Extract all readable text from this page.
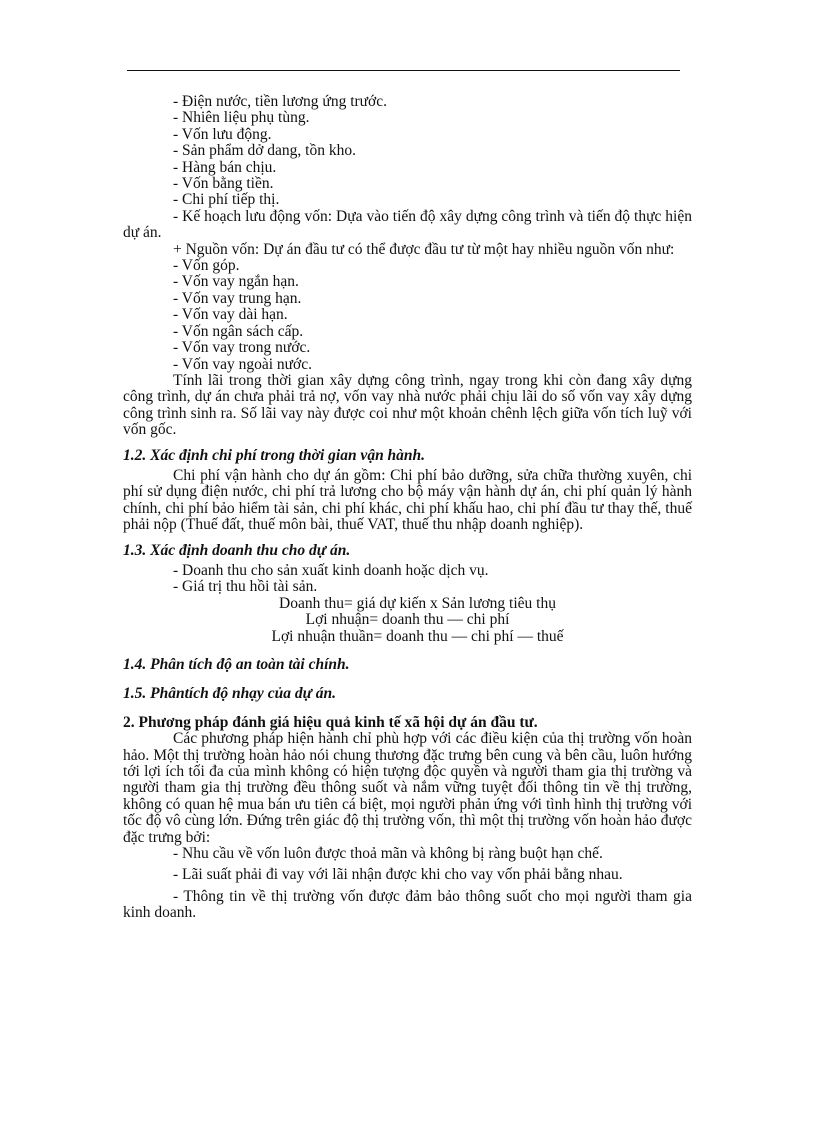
- Điện nước, tiền lương ứng trước.

- Nhiên liệu phụ tùng.

- Vốn lưu động.

- Sản phẩm dở dang, tồn kho.

- Hàng bán chịu.

- Vốn bằng tiền.

- Chi phí tiếp thị.

- Kế hoạch lưu động vốn: Dựa vào tiến độ xây dựng công trình và tiến độ thực hiện dự án.

+ Nguồn vốn: Dự án đầu tư có thể được đầu tư từ một hay nhiều nguồn vốn như:

- Vốn góp.

- Vốn vay ngắn hạn.

- Vốn vay trung hạn.

- Vốn vay dài hạn.

- Vốn ngân sách cấp.

- Vốn vay trong nước.

- Vốn vay ngoài nước.

Tính lãi trong thời gian xây dựng công trình, ngay trong khi còn đang xây dựng công trình, dự án chưa phải trả nợ, vốn vay nhà nước phải chịu lãi do số vốn vay xây dựng công trình sinh ra. Số lãi vay này được coi như một khoản chênh lệch giữa vốn tích luỹ với vốn gốc.

1.2. Xác định chi phí trong thời gian vận hành.

Chi phí vận hành cho dự án gồm: Chi phí bảo dưỡng, sửa chữa thường xuyên, chi phí sử dụng điện nước, chi phí trả lương cho bộ máy vận hành dự án, chi phí quản lý hành chính, chi phí bảo hiểm tài sản, chi phí khác, chi phí khấu hao, chi phí đầu tư thay thế, thuế phải nộp (Thuế đất, thuế môn bài, thuế VAT, thuế thu nhập doanh nghiệp).

1.3. Xác định doanh thu cho dự án.

- Doanh thu cho sản xuất kinh doanh hoặc dịch vụ.

- Giá trị thu hồi tài sản.

Doanh thu= giá dự kiến x Sản lương tiêu thụ

Lợi nhuận= doanh thu — chi phí

Lợi nhuận thuần= doanh thu — chi phí — thuế

1.4. Phân tích độ an toàn tài chính.

1.5. Phântích độ nhạy của dự án.

2. Phương pháp đánh giá hiệu quả kinh tế xã hội dự án đầu tư.

Các phương pháp hiện hành chỉ phù hợp với các điều kiện của thị trường vốn hoàn hảo. Một thị trường hoàn hảo nói chung thương đặc trưng bên cung và bên cầu, luôn hướng tới lợi ích tối đa của mình không có hiện tượng độc quyền và người tham gia thị trường và người tham gia thị trường đều thông suốt và nắm vững tuyệt đối thông tin về thị trường, không có quan hệ mua bán ưu tiên cá biệt, mọi người phản ứng với tình hình thị trường với tốc độ vô cùng lớn. Đứng trên giác độ thị trường vốn, thì một thị trường vốn hoàn hảo được đặc trưng bởi:

- Nhu cầu về vốn luôn được thoả mãn và không bị ràng buột hạn chế.

- Lãi suất phải đi vay với lãi nhận được khi cho vay vốn phải bằng nhau.

- Thông tin về thị trường vốn được đảm bảo thông suốt cho mọi người tham gia kinh doanh.
